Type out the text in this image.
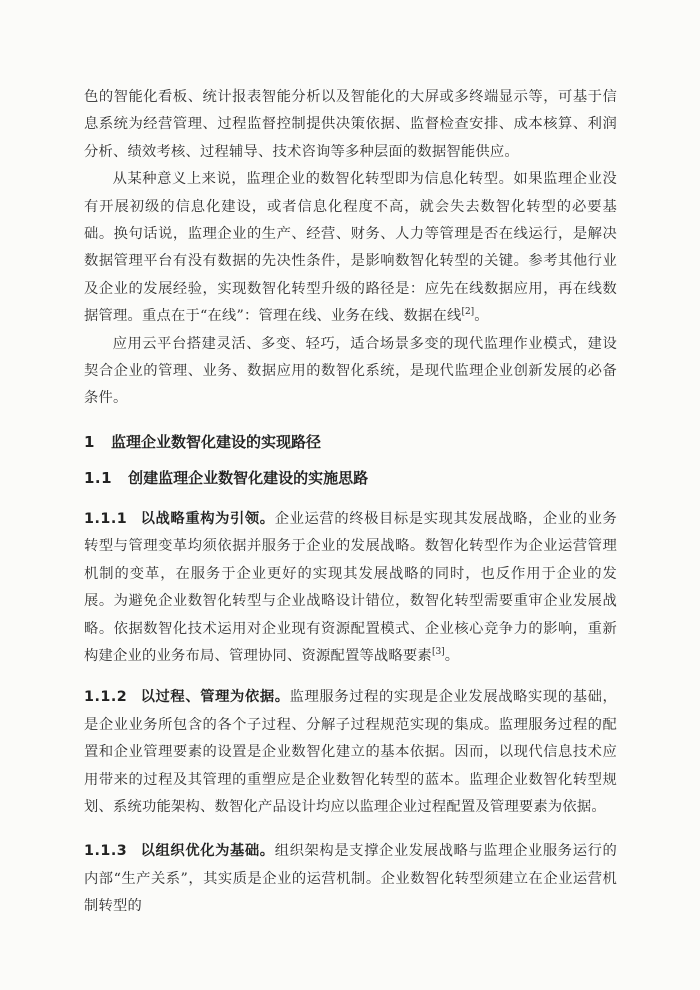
色的智能化看板、统计报表智能分析以及智能化的大屏或多终端显示等，可基于信息系统为经营管理、过程监督控制提供决策依据、监督检查安排、成本核算、利润分析、绩效考核、过程辅导、技术咨询等多种层面的数据智能供应。

从某种意义上来说，监理企业的数智化转型即为信息化转型。如果监理企业没有开展初级的信息化建设，或者信息化程度不高，就会失去数智化转型的必要基础。换句话说，监理企业的生产、经营、财务、人力等管理是否在线运行，是解决数据管理平台有没有数据的先决性条件，是影响数智化转型的关键。参考其他行业及企业的发展经验，实现数智化转型升级的路径是：应先在线数据应用，再在线数据管理。重点在于“在线”：管理在线、业务在线、数据在线[2]。

应用云平台搭建灵活、多变、轻巧，适合场景多变的现代监理作业模式，建设契合企业的管理、业务、数据应用的数智化系统，是现代监理企业创新发展的必备条件。

1 监理企业数智化建设的实现路径
1.1 创建监理企业数智化建设的实施思路

1.1.1 以战略重构为引领。企业运营的终极目标是实现其发展战略，企业的业务转型与管理变革均须依据并服务于企业的发展战略。数智化转型作为企业运营管理机制的变革，在服务于企业更好的实现其发展战略的同时，也反作用于企业的发展。为避免企业数智化转型与企业战略设计错位，数智化转型需要重审企业发展战略。依据数智化技术运用对企业现有资源配置模式、企业核心竞争力的影响，重新构建企业的业务布局、管理协同、资源配置等战略要素[3]。

1.1.2 以过程、管理为依据。监理服务过程的实现是企业发展战略实现的基础，是企业业务所包含的各个子过程、分解子过程规范实现的集成。监理服务过程的配置和企业管理要素的设置是企业数智化建立的基本依据。因而，以现代信息技术应用带来的过程及其管理的重塑应是企业数智化转型的蓝本。监理企业数智化转型规划、系统功能架构、数智化产品设计均应以监理企业过程配置及管理要素为依据。

1.1.3 以组织优化为基础。组织架构是支撑企业发展战略与监理企业服务运行的内部“生产关系”，其实质是企业的运营机制。企业数智化转型须建立在企业运营机制转型的
